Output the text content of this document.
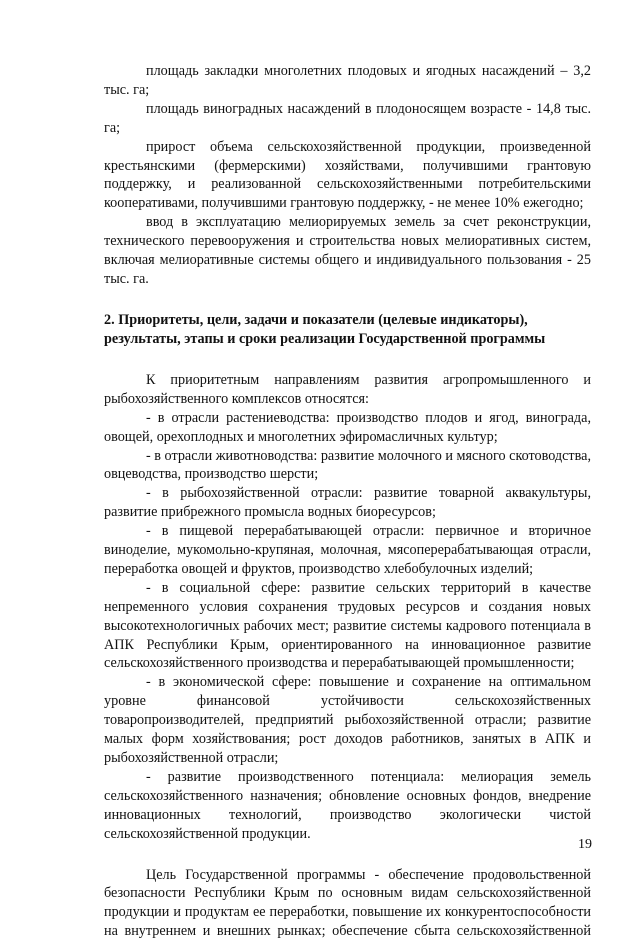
площадь закладки многолетних плодовых и ягодных насаждений – 3,2 тыс. га;

площадь виноградных насаждений в плодоносящем возрасте - 14,8 тыс. га;

прирост объема сельскохозяйственной продукции, произведенной крестьянскими (фермерскими) хозяйствами, получившими грантовую поддержку, и реализованной сельскохозяйственными потребительскими кооперативами, получившими грантовую поддержку, - не менее 10% ежегодно;

ввод в эксплуатацию мелиорируемых земель за счет реконструкции, технического перевооружения и строительства новых мелиоративных систем, включая мелиоративные системы общего и индивидуального пользования - 25 тыс. га.

2. Приоритеты, цели, задачи и показатели (целевые индикаторы),

результаты, этапы и сроки реализации Государственной программы

К приоритетным направлениям развития агропромышленного и рыбохозяйственного комплексов относятся:

- в отрасли растениеводства: производство плодов и ягод, винограда, овощей, орехоплодных и многолетних эфиромасличных культур;

- в отрасли животноводства: развитие молочного и мясного скотоводства, овцеводства, производство шерсти;

- в рыбохозяйственной отрасли: развитие товарной аквакультуры, развитие прибрежного промысла водных биоресурсов;

- в пищевой перерабатывающей отрасли: первичное и вторичное виноделие, мукомольно-крупяная, молочная, мясоперерабатывающая отрасли, переработка овощей и фруктов, производство хлебобулочных изделий;

- в социальной сфере: развитие сельских территорий в качестве непременного условия сохранения трудовых ресурсов и создания новых высокотехнологичных рабочих мест; развитие системы кадрового потенциала в АПК Республики Крым, ориентированного на инновационное развитие сельскохозяйственного производства и перерабатывающей промышленности;

- в экономической сфере: повышение и сохранение на оптимальном уровне финансовой устойчивости сельскохозяйственных товаропроизводителей, предприятий рыбохозяйственной отрасли; развитие малых форм хозяйствования; рост доходов работников, занятых в АПК и рыбохозяйственной отрасли;

- развитие производственного потенциала: мелиорация земель сельскохозяйственного назначения; обновление основных фондов, внедрение инновационных технологий, производство экологически чистой сельскохозяйственной продукции.

Цель Государственной программы - обеспечение продовольственной безопасности Республики Крым по основным видам сельскохозяйственной продукции и продуктам ее переработки, повышение их конкурентоспособности на внутреннем и внешних рынках; обеспечение сбыта сельскохозяйственной

19
